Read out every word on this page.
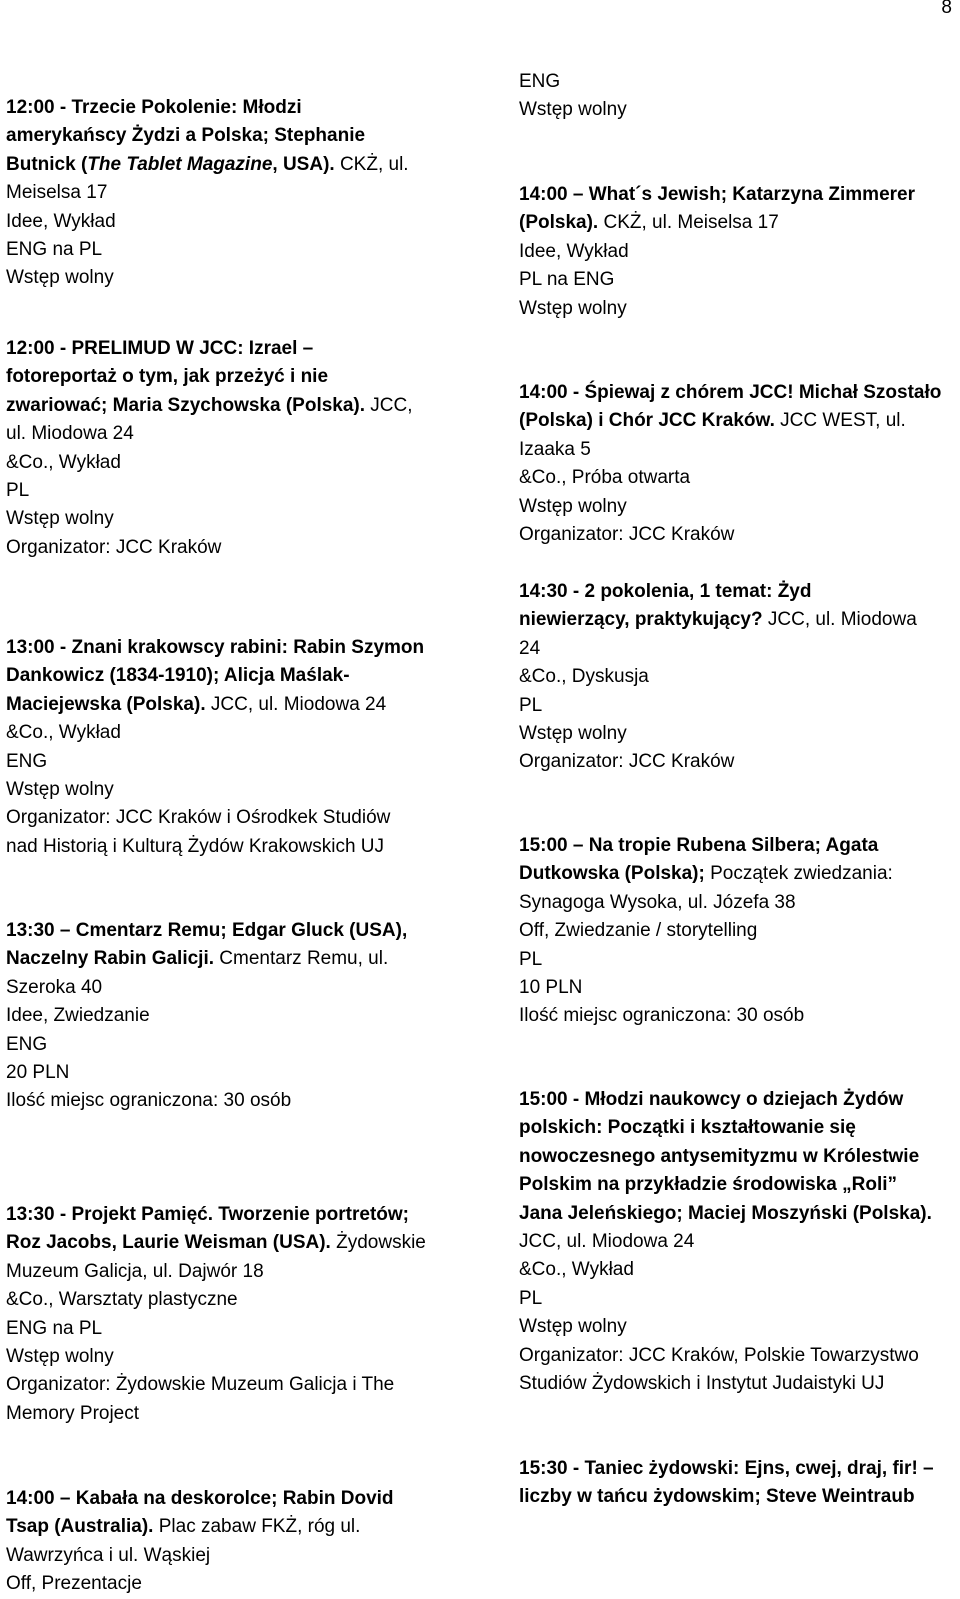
8
12:00 - Trzecie Pokolenie: Młodzi
amerykańscy Żydzi a Polska; Stephanie
Butnick (The Tablet Magazine, USA). CKŻ, ul.
Meiselsa 17
Idee, Wykład
ENG na PL
Wstęp wolny
12:00 - PRELIMUD W JCC: Izrael –
fotoreportaż o tym, jak przeżyć i nie
zwariować; Maria Szychowska (Polska). JCC,
ul. Miodowa 24
&Co., Wykład
PL
Wstęp wolny
Organizator: JCC Kraków
13:00 - Znani krakowscy rabini: Rabin Szymon
Dankowicz (1834-1910); Alicja Maślak-
Maciejewska (Polska). JCC, ul. Miodowa 24
&Co., Wykład
ENG
Wstęp wolny
Organizator: JCC Kraków i Ośrodkek Studiów
nad Historią i Kulturą Żydów Krakowskich UJ
13:30 – Cmentarz Remu; Edgar Gluck (USA),
Naczelny Rabin Galicji. Cmentarz Remu, ul.
Szeroka 40
Idee, Zwiedzanie
ENG
20 PLN
Ilość miejsc ograniczona: 30 osób
13:30 - Projekt Pamięć. Tworzenie portretów;
Roz Jacobs, Laurie Weisman (USA). Żydowskie
Muzeum Galicja, ul. Dajwór 18
&Co., Warsztaty plastyczne
ENG na PL
Wstęp wolny
Organizator: Żydowskie Muzeum Galicja i The
Memory Project
14:00 – Kabała na deskorolce; Rabin Dovid
Tsap (Australia). Plac zabaw FKŻ, róg ul.
Wawrzyńca i ul. Wąskiej
Off, Prezentacje
ENG
Wstęp wolny
14:00 – What´s Jewish; Katarzyna Zimmerer
(Polska). CKŻ, ul. Meiselsa 17
Idee, Wykład
PL na ENG
Wstęp wolny
14:00 - Śpiewaj z chórem JCC! Michał Szostało
(Polska) i Chór JCC Kraków. JCC WEST, ul.
Izaaka 5
&Co., Próba otwarta
Wstęp wolny
Organizator: JCC Kraków
14:30 - 2 pokolenia, 1 temat: Żyd
niewierzący, praktykujący? JCC, ul. Miodowa
24
&Co., Dyskusja
PL
Wstęp wolny
Organizator: JCC Kraków
15:00 – Na tropie Rubena Silbera; Agata
Dutkowska (Polska); Początek zwiedzania:
Synagoga Wysoka, ul. Józefa 38
Off, Zwiedzanie / storytelling
PL
10 PLN
Ilość miejsc ograniczona: 30 osób
15:00 - Młodzi naukowcy o dziejach Żydów
polskich: Początki i kształtowanie się
nowoczesnego antysemityzmu w Królestwie
Polskim na przykładzie środowiska „Roli”
Jana Jeleńskiego; Maciej Moszyński (Polska).
JCC, ul. Miodowa 24
&Co., Wykład
PL
Wstęp wolny
Organizator: JCC Kraków, Polskie Towarzystwo
Studiów Żydowskich i Instytut Judaistyki UJ
15:30 - Taniec żydowski: Ejns, cwej, draj, fir! –
liczby w tańcu żydowskim; Steve Weintraub
